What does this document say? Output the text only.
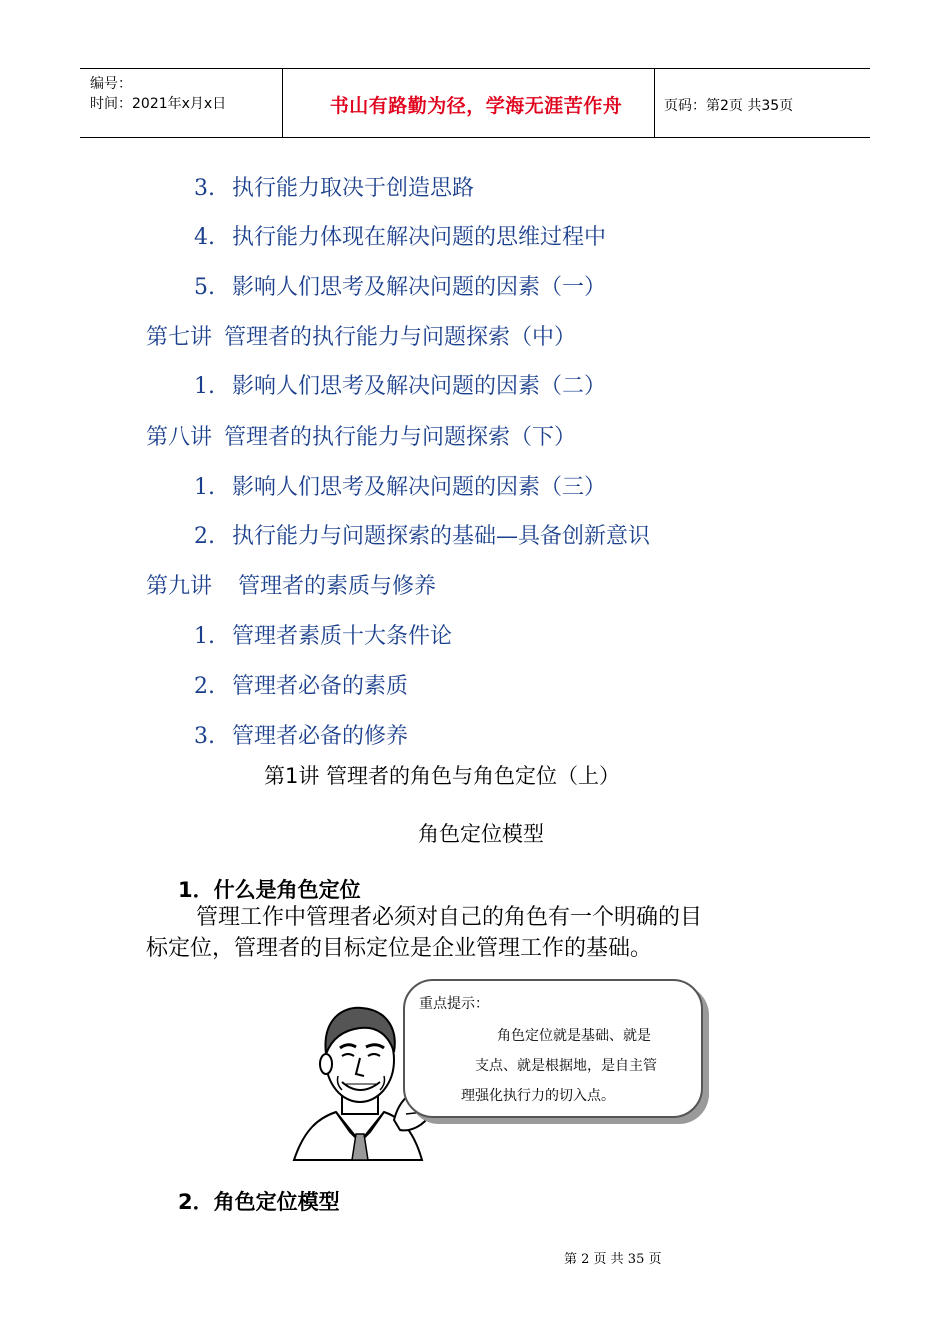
编号：
时间：2021年x月x日	书山有路勤为径，学海无涯苦作舟	页码：第2页 共35页
3. 执行能力取决于创造思路
4. 执行能力体现在解决问题的思维过程中
5. 影响人们思考及解决问题的因素（一）
第七讲 管理者的执行能力与问题探索（中）
1. 影响人们思考及解决问题的因素（二）
第八讲 管理者的执行能力与问题探索（下）
1. 影响人们思考及解决问题的因素（三）
2. 执行能力与问题探索的基础—具备创新意识
第九讲 管理者的素质与修养
1. 管理者素质十大条件论
2. 管理者必备的素质
3. 管理者必备的修养
第1讲 管理者的角色与角色定位（上）
角色定位模型
1．什么是角色定位
管理工作中管理者必须对自己的角色有一个明确的目
标定位，管理者的目标定位是企业管理工作的基础。
重点提示：
角色定位就是基础、就是
支点、就是根据地，是自主管
理强化执行力的切入点。
2．角色定位模型
第 2 页 共 35 页
